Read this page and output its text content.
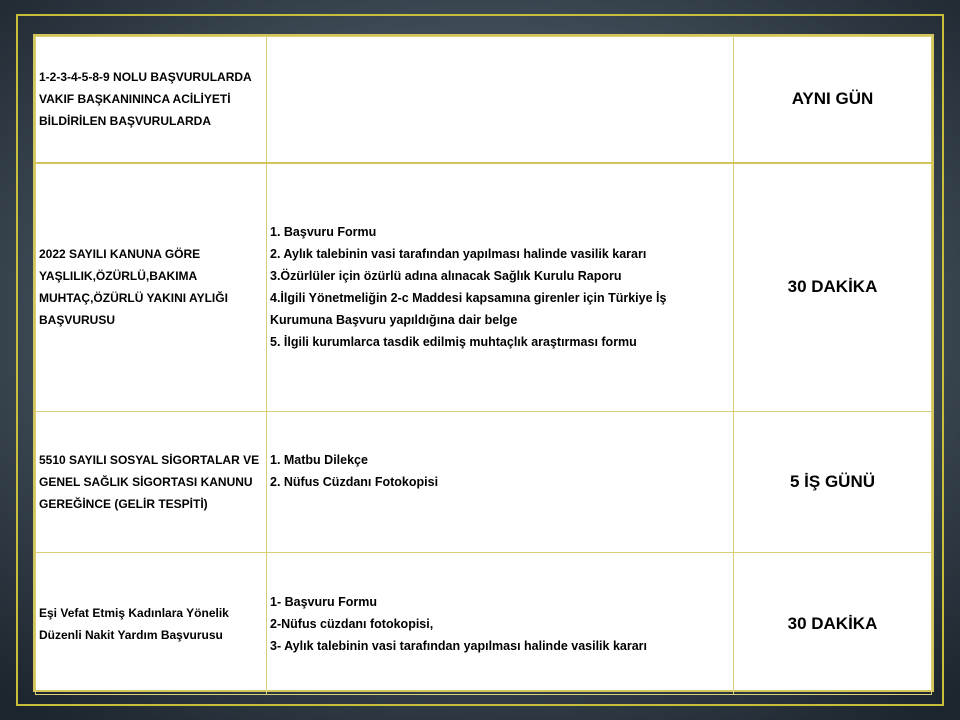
1-2-3-4-5-8-9 NOLU BAŞVURULARDA VAKIF BAŞKANININCA ACİLİYETİ BİLDİRİLEN BAŞVURULARDA		AYNI GÜN
2022 SAYILI KANUNA GÖRE YAŞLILIK,ÖZÜRLÜ,BAKIMA MUHTAÇ,ÖZÜRLÜ YAKINI AYLIĞI BAŞVURUSU	1. Başvuru Formu
2. Aylık talebinin vasi tarafından yapılması halinde vasilik kararı
3.Özürlüler için özürlü adına alınacak Sağlık Kurulu Raporu
4.İlgili Yönetmeliğin 2-c Maddesi kapsamına girenler için Türkiye İş Kurumuna Başvuru yapıldığına dair belge
5. İlgili kurumlarca tasdik edilmiş muhtaçlık araştırması formu	30 DAKİKA
5510 SAYILI SOSYAL SİGORTALAR VE GENEL SAĞLIK SİGORTASI KANUNU GEREĞİNCE (GELİR TESPİTİ)	1. Matbu Dilekçe
2. Nüfus Cüzdanı Fotokopisi	5 İŞ GÜNÜ
Eşi Vefat Etmiş Kadınlara Yönelik Düzenli Nakit Yardım Başvurusu	1- Başvuru Formu
2-Nüfus cüzdanı fotokopisi,
3- Aylık talebinin vasi tarafından yapılması halinde vasilik kararı	30 DAKİKA
